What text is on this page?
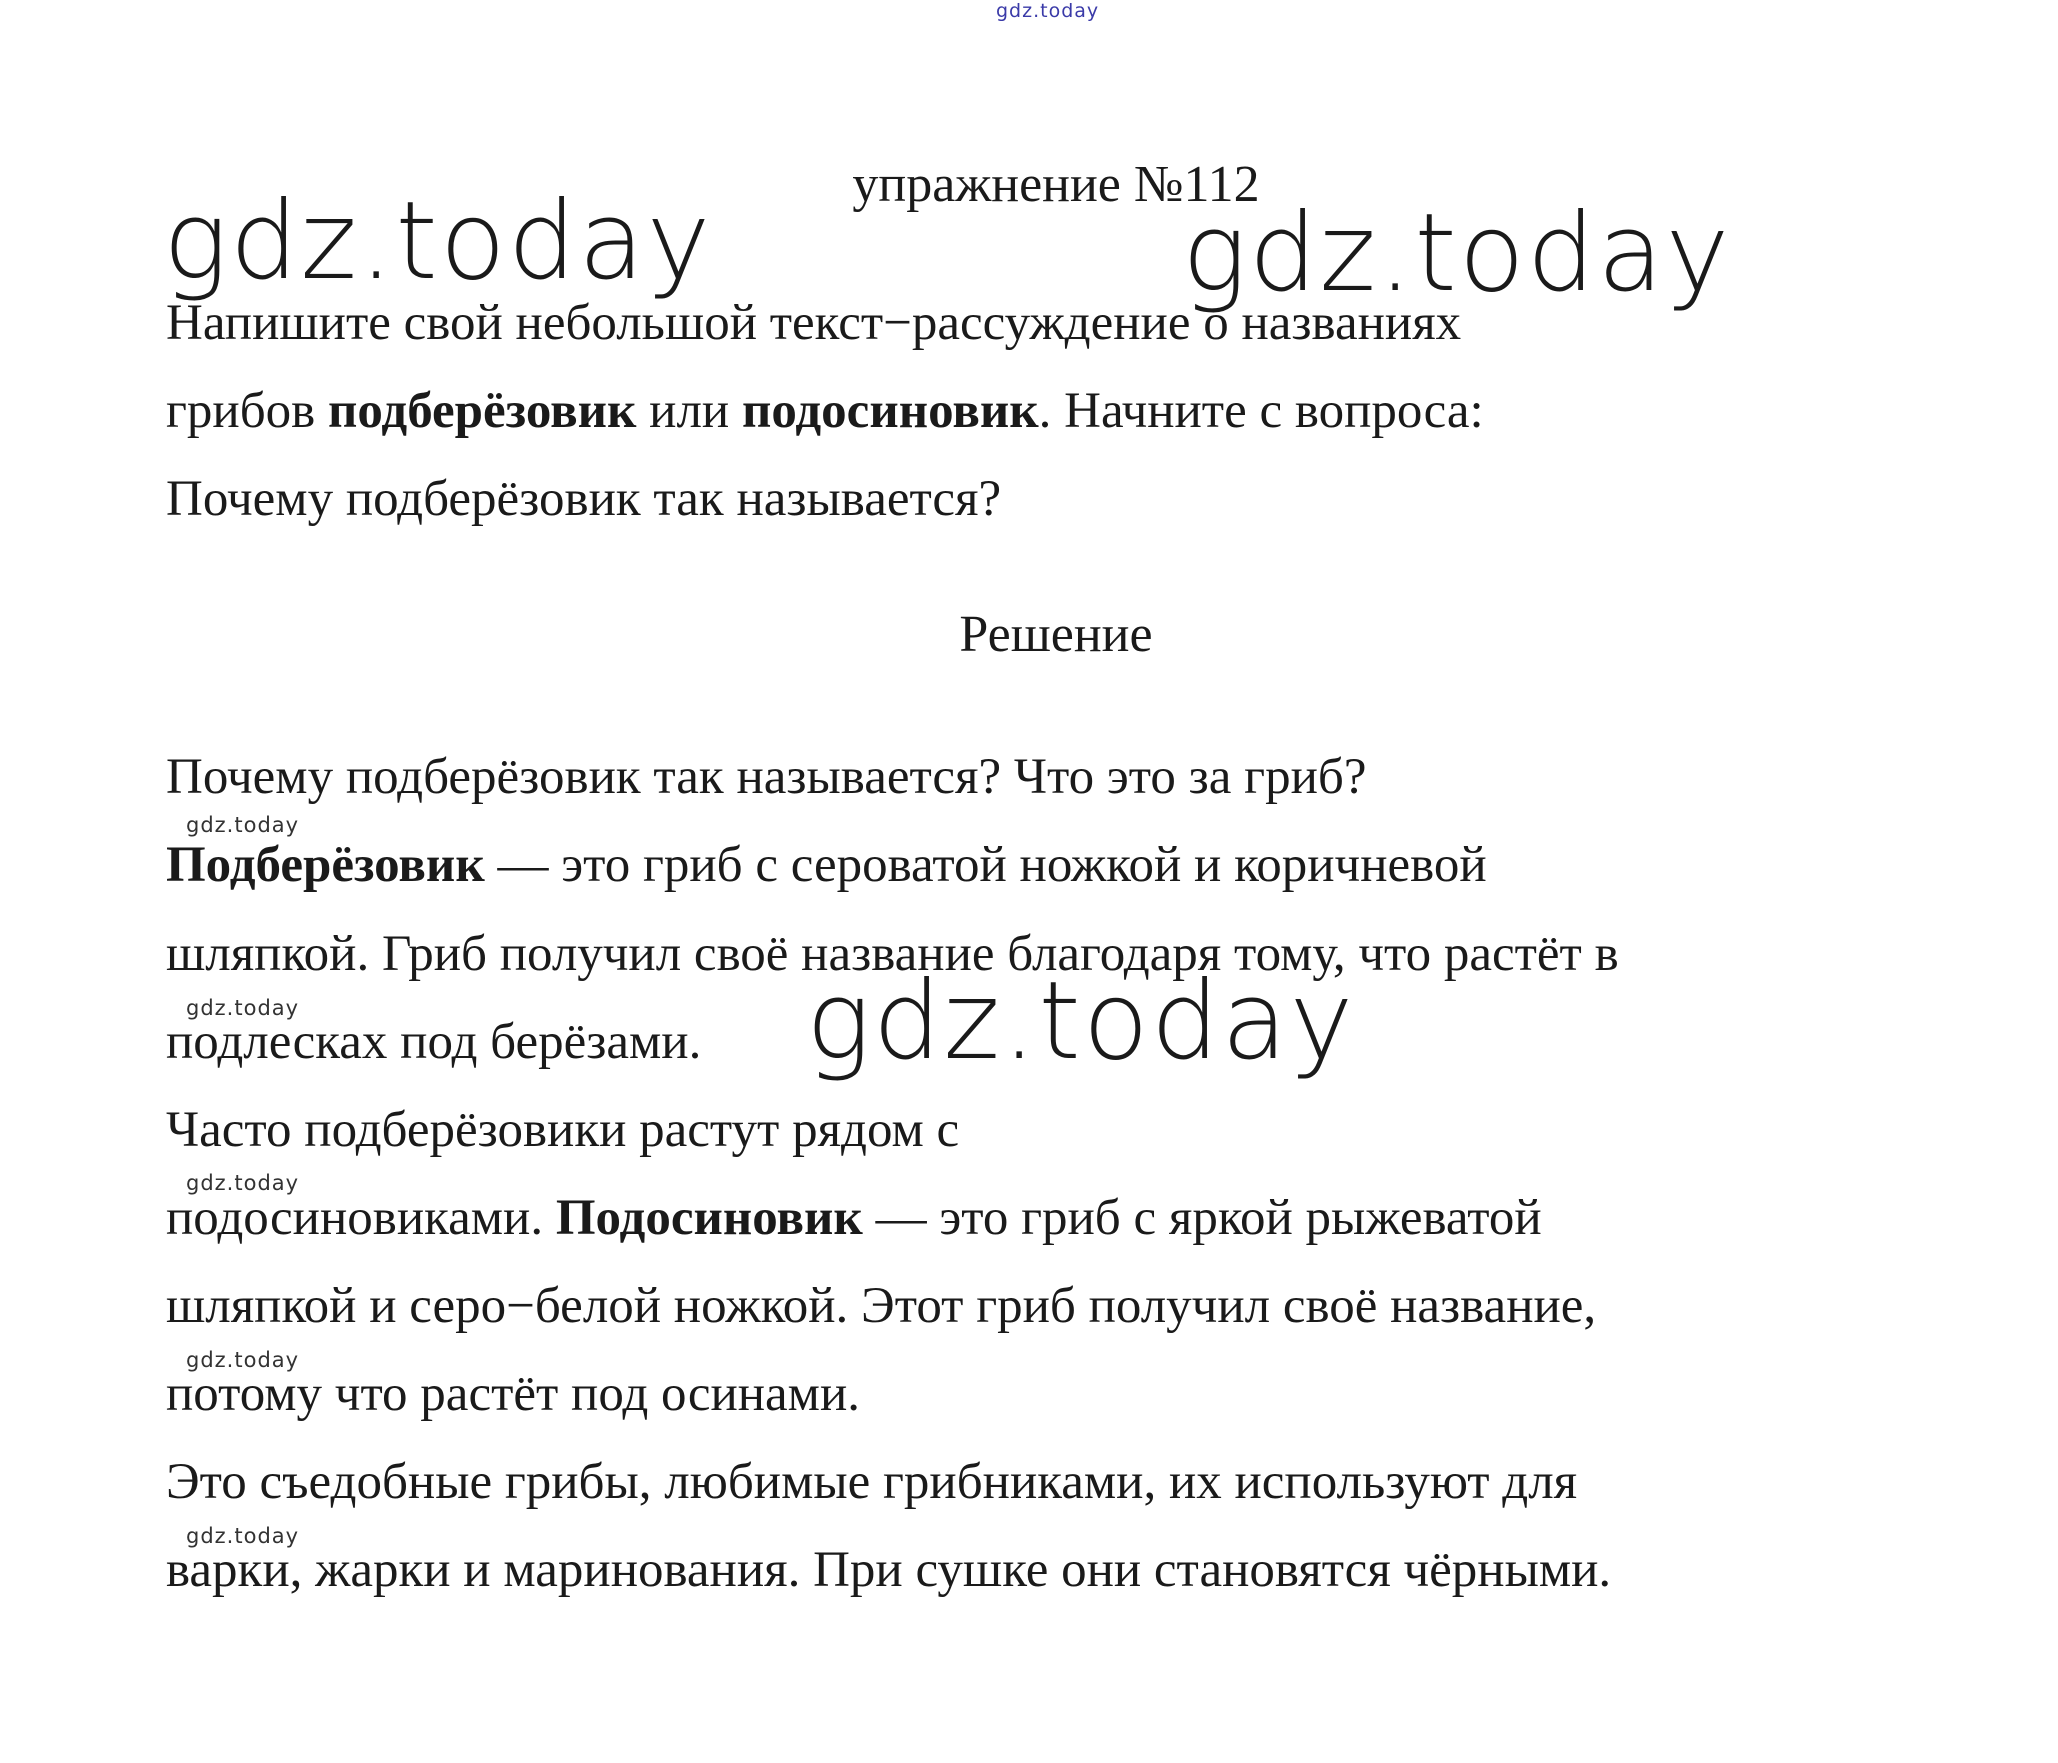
gdz.today
gdz.today	gdz.today
gdz.today
gdz.today
gdz.today
gdz.today
gdz.today
gdz.today
упражнение №112
Напишите свой небольшой текст−рассуждение о названиях
грибов подберёзовик или подосиновик. Начните с вопроса:
Почему подберёзовик так называется?
Решение
Почему подберёзовик так называется? Что это за гриб?
Подберёзовик — это гриб с сероватой ножкой и коричневой
шляпкой. Гриб получил своё название благодаря тому, что растёт в
подлесках под берёзами.
Часто подберёзовики растут рядом с
подосиновиками. Подосиновик — это гриб с яркой рыжеватой
шляпкой и серо−белой ножкой. Этот гриб получил своё название,
потому что растёт под осинами.
Это съедобные грибы, любимые грибниками, их используют для
варки, жарки и маринования. При сушке они становятся чёрными.
